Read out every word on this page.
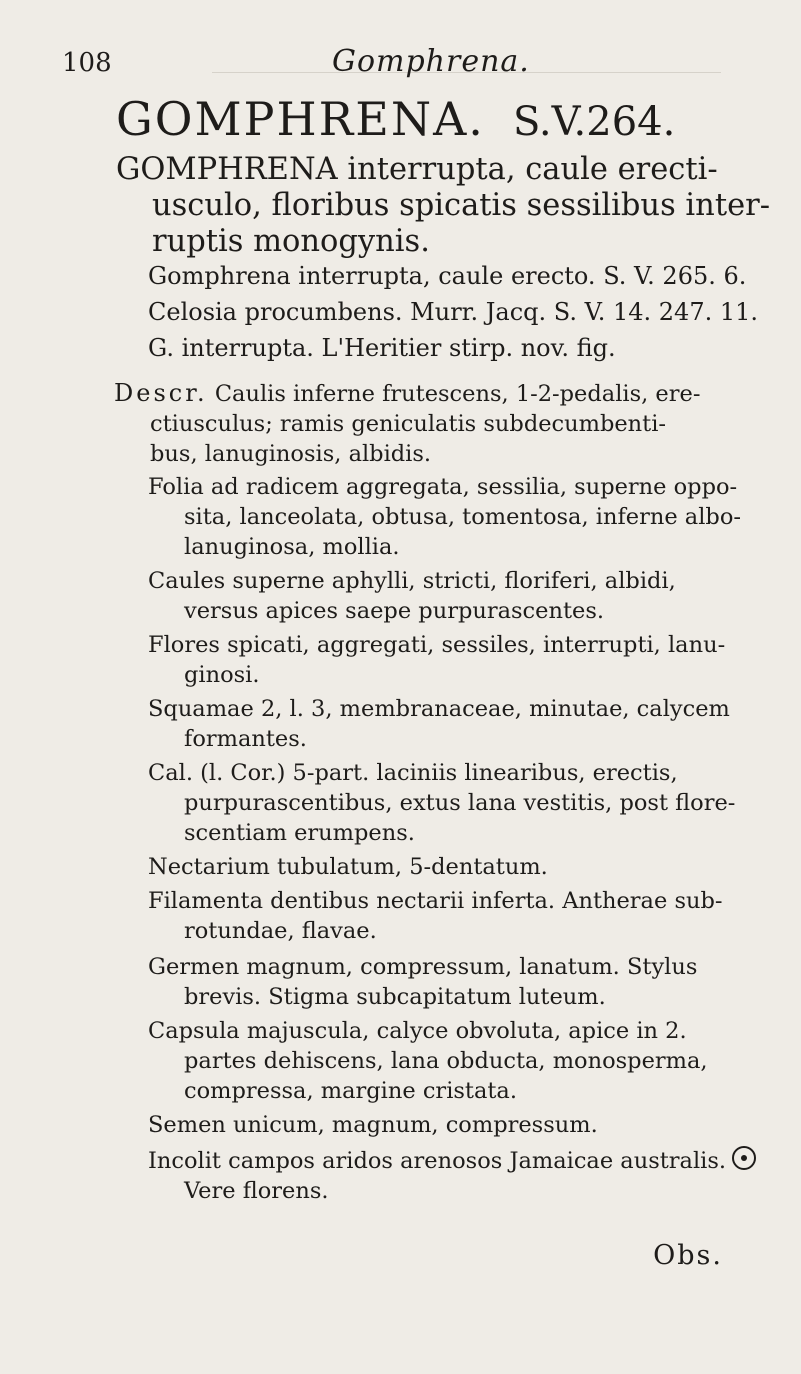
108	Gomphrena.
GOMPHRENA. S.V.264.
GOMPHRENA interrupta, caule erecti-
usculo, floribus spicatis sessilibus inter-
ruptis monogynis.
Gomphrena interrupta, caule erecto. S. V. 265. 6.
Celosia procumbens. Murr. Jacq. S. V. 14. 247. 11.
G. interrupta. L'Heritier stirp. nov. fig.
Descr. Caulis inferne frutescens, 1-2-pedalis, ere-
ctiusculus; ramis geniculatis subdecumbenti-
bus, lanuginosis, albidis.
Folia ad radicem aggregata, sessilia, superne oppo-
sita, lanceolata, obtusa, tomentosa, inferne albo-
lanuginosa, mollia.
Caules superne aphylli, stricti, floriferi, albidi,
versus apices saepe purpurascentes.
Flores spicati, aggregati, sessiles, interrupti, lanu-
ginosi.
Squamae 2, l. 3, membranaceae, minutae, calycem
formantes.
Cal. (l. Cor.) 5-part. laciniis linearibus, erectis,
purpurascentibus, extus lana vestitis, post flore-
scentiam erumpens.
Nectarium tubulatum, 5-dentatum.
Filamenta dentibus nectarii inferta. Antherae sub-
rotundae, flavae.
Germen magnum, compressum, lanatum. Stylus
brevis. Stigma subcapitatum luteum.
Capsula majuscula, calyce obvoluta, apice in 2.
partes dehiscens, lana obducta, monosperma,
compressa, margine cristata.
Semen unicum, magnum, compressum.
Incolit campos aridos arenosos Jamaicae australis.
Vere florens.
Obs.
